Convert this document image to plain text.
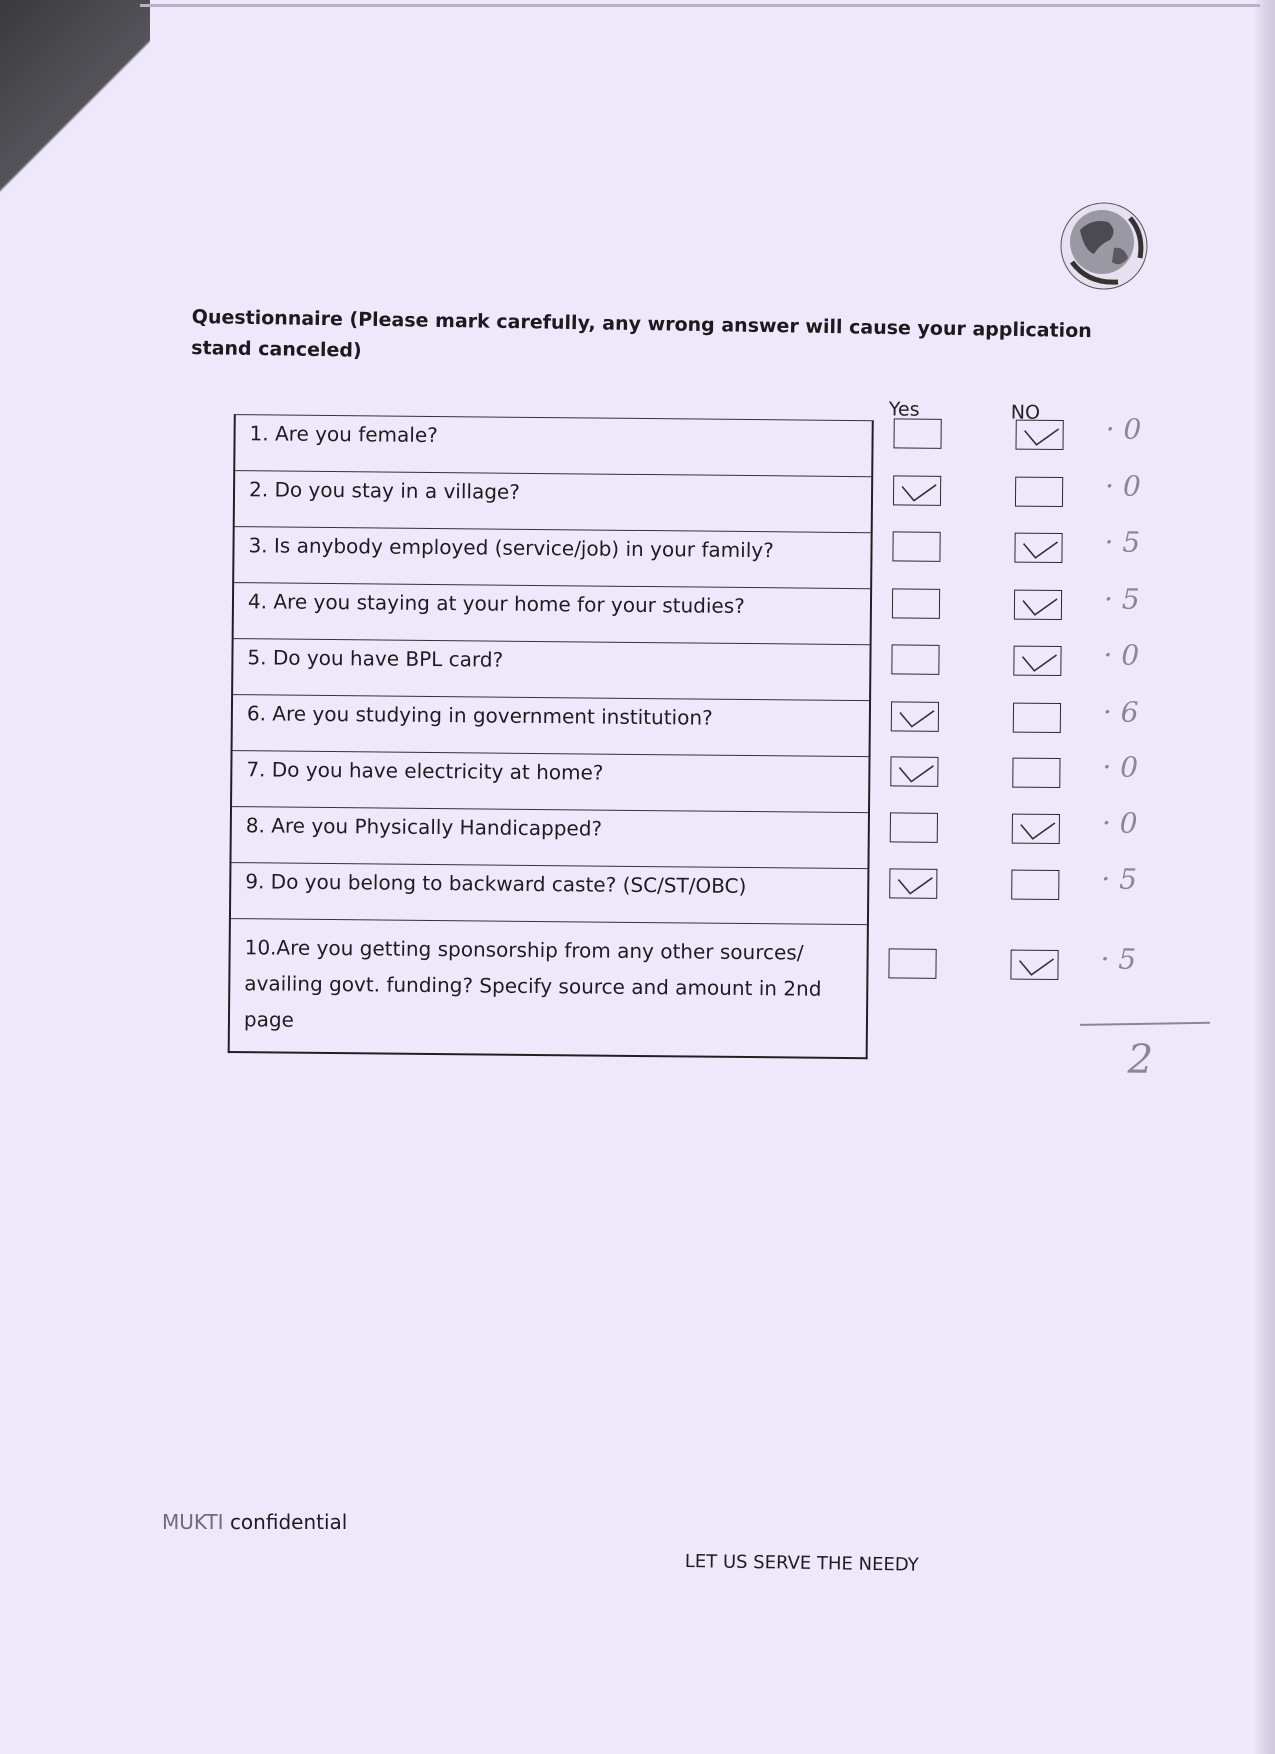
Questionnaire (Please mark carefully, any wrong answer will cause your application stand canceled)
Yes	NO
1. Are you female?
2. Do you stay in a village?
3. Is anybody employed (service/job) in your family?
4. Are you staying at your home for your studies?
5. Do you have BPL card?
6. Are you studying in government institution?
7. Do you have electricity at home?
8. Are you Physically Handicapped?
9. Do you belong to backward caste? (SC/ST/OBC)
10.Are you getting sponsorship from any other sources/ availing govt. funding? Specify source and amount in 2nd page
· 0
· 0
· 5
· 5
· 0
· 6
· 0
· 0
· 5
· 5
2
MUKTI confidential
LET US SERVE THE NEEDY
